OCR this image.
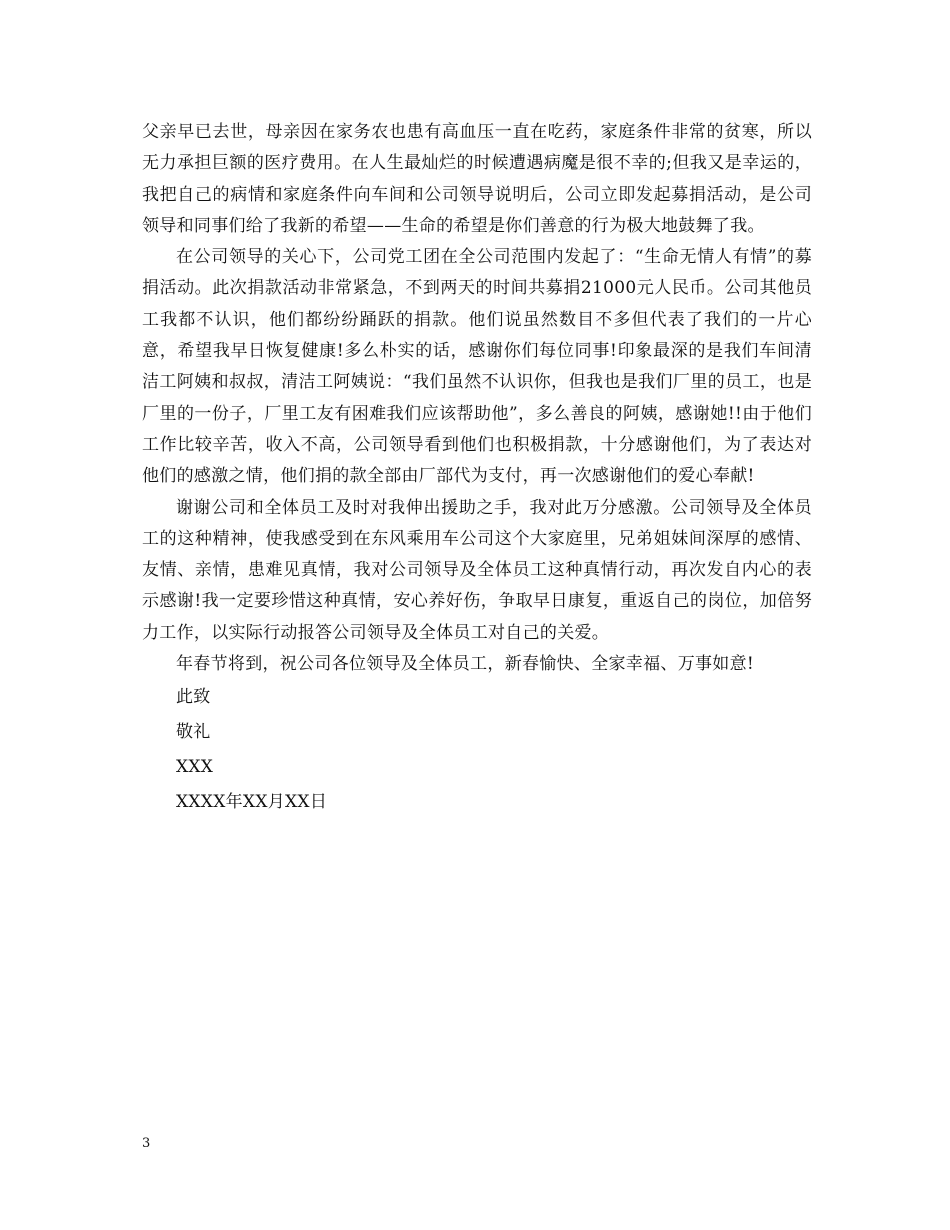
父亲早已去世，母亲因在家务农也患有高血压一直在吃药，家庭条件非常的贫寒，所以无力承担巨额的医疗费用。在人生最灿烂的时候遭遇病魔是很不幸的;但我又是幸运的，我把自己的病情和家庭条件向车间和公司领导说明后，公司立即发起募捐活动，是公司领导和同事们给了我新的希望——生命的希望是你们善意的行为极大地鼓舞了我。

在公司领导的关心下，公司党工团在全公司范围内发起了：“生命无情人有情”的募捐活动。此次捐款活动非常紧急，不到两天的时间共募捐21000元人民币。公司其他员工我都不认识，他们都纷纷踊跃的捐款。他们说虽然数目不多但代表了我们的一片心意，希望我早日恢复健康!多么朴实的话，感谢你们每位同事!印象最深的是我们车间清洁工阿姨和叔叔，清洁工阿姨说：“我们虽然不认识你，但我也是我们厂里的员工，也是厂里的一份子，厂里工友有困难我们应该帮助他”，多么善良的阿姨，感谢她!!由于他们工作比较辛苦，收入不高，公司领导看到他们也积极捐款，十分感谢他们，为了表达对他们的感激之情，他们捐的款全部由厂部代为支付，再一次感谢他们的爱心奉献!

谢谢公司和全体员工及时对我伸出援助之手，我对此万分感激。公司领导及全体员工的这种精神，使我感受到在东风乘用车公司这个大家庭里，兄弟姐妹间深厚的感情、友情、亲情，患难见真情，我对公司领导及全体员工这种真情行动，再次发自内心的表示感谢!我一定要珍惜这种真情，安心养好伤，争取早日康复，重返自己的岗位，加倍努力工作，以实际行动报答公司领导及全体员工对自己的关爱。

年春节将到，祝公司各位领导及全体员工，新春愉快、全家幸福、万事如意!

此致
敬礼
XXX
XXXX年XX月XX日
3
